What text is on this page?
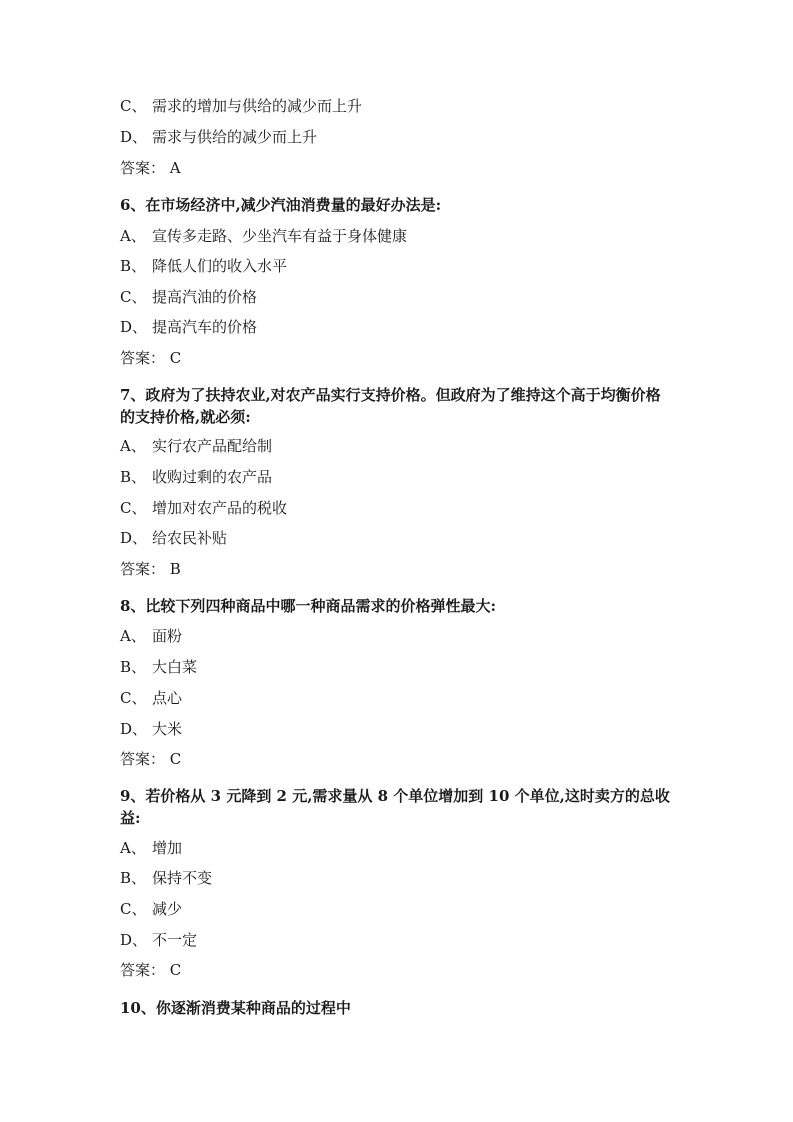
C、 需求的增加与供给的减少而上升
D、 需求与供给的减少而上升
答案： A
6、在市场经济中,减少汽油消费量的最好办法是:
A、 宣传多走路、少坐汽车有益于身体健康
B、 降低人们的收入水平
C、 提高汽油的价格
D、 提高汽车的价格
答案： C
7、政府为了扶持农业,对农产品实行支持价格。但政府为了维持这个高于均衡价格的支持价格,就必须:
A、 实行农产品配给制
B、 收购过剩的农产品
C、 增加对农产品的税收
D、 给农民补贴
答案： B
8、比较下列四种商品中哪一种商品需求的价格弹性最大:
A、 面粉
B、 大白菜
C、 点心
D、 大米
答案： C
9、若价格从 3 元降到 2 元,需求量从 8 个单位增加到 10 个单位,这时卖方的总收益:
A、 增加
B、 保持不变
C、 减少
D、 不一定
答案： C
10、你逐渐消费某种商品的过程中
